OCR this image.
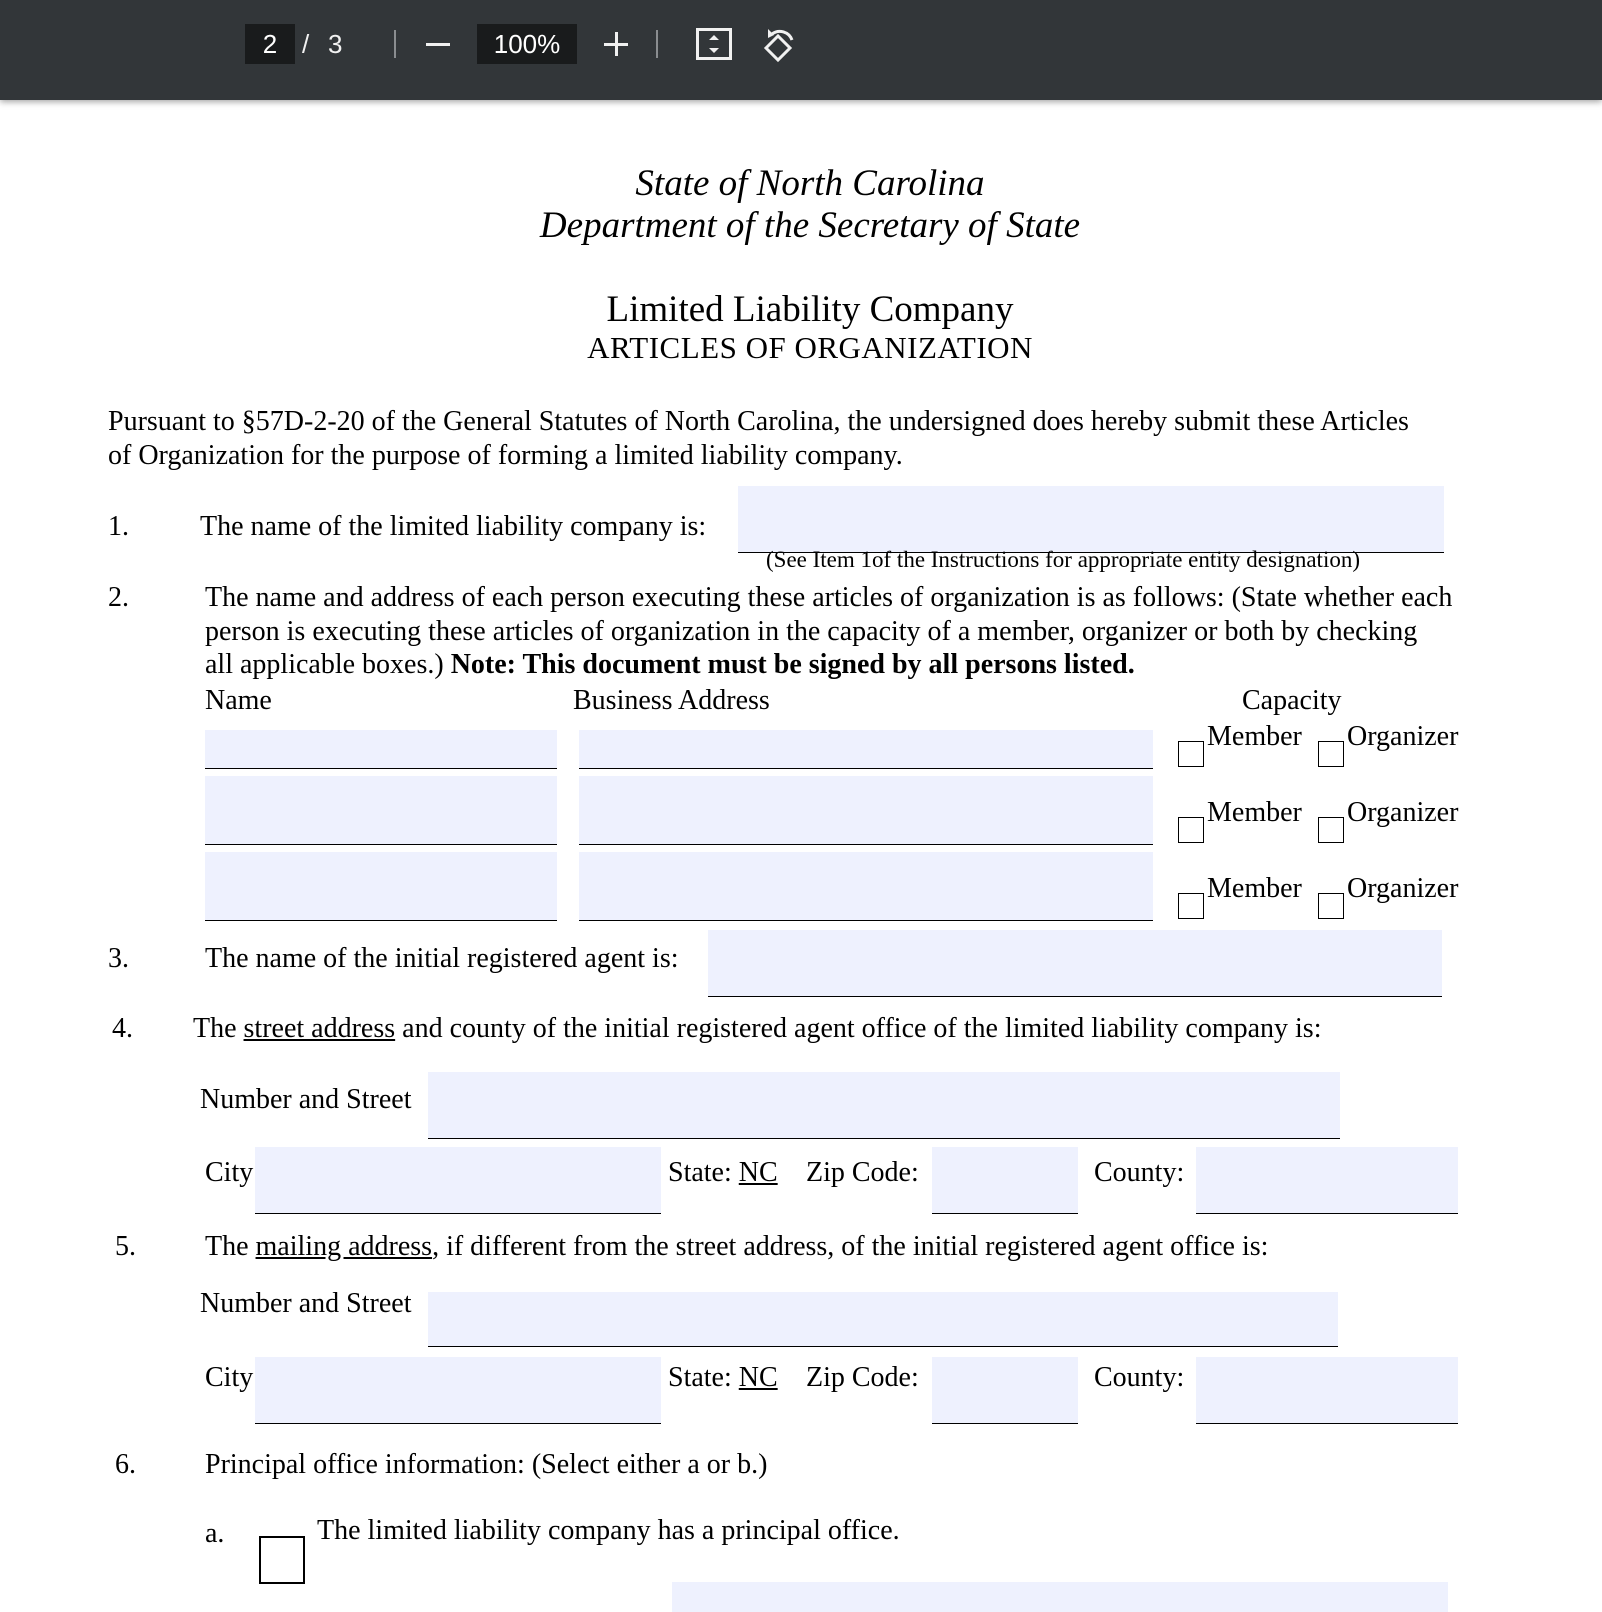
2 / 3	100%
State of North Carolina
Department of the Secretary of State
Limited Liability Company
ARTICLES OF ORGANIZATION
Pursuant to §57D-2-20 of the General Statutes of North Carolina, the undersigned does hereby submit these Articles
of Organization for the purpose of forming a limited liability company.
1.	The name of the limited liability company is:
(See Item 1of the Instructions for appropriate entity designation)
2.	The name and address of each person executing these articles of organization is as follows: (State whether each
person is executing these articles of organization in the capacity of a member, organizer or both by checking
all applicable boxes.) Note: This document must be signed by all persons listed.
Name	Business Address	Capacity
Member Organizer
Member Organizer
Member Organizer
3.	The name of the initial registered agent is:
4. The street address and county of the initial registered agent office of the limited liability company is:
Number and Street
City	State: NC Zip Code:	County:
5. The mailing address, if different from the street address, of the initial registered agent office is:
Number and Street
City	State: NC Zip Code:	County:
6. Principal office information: (Select either a or b.)
a.	The limited liability company has a principal office.
